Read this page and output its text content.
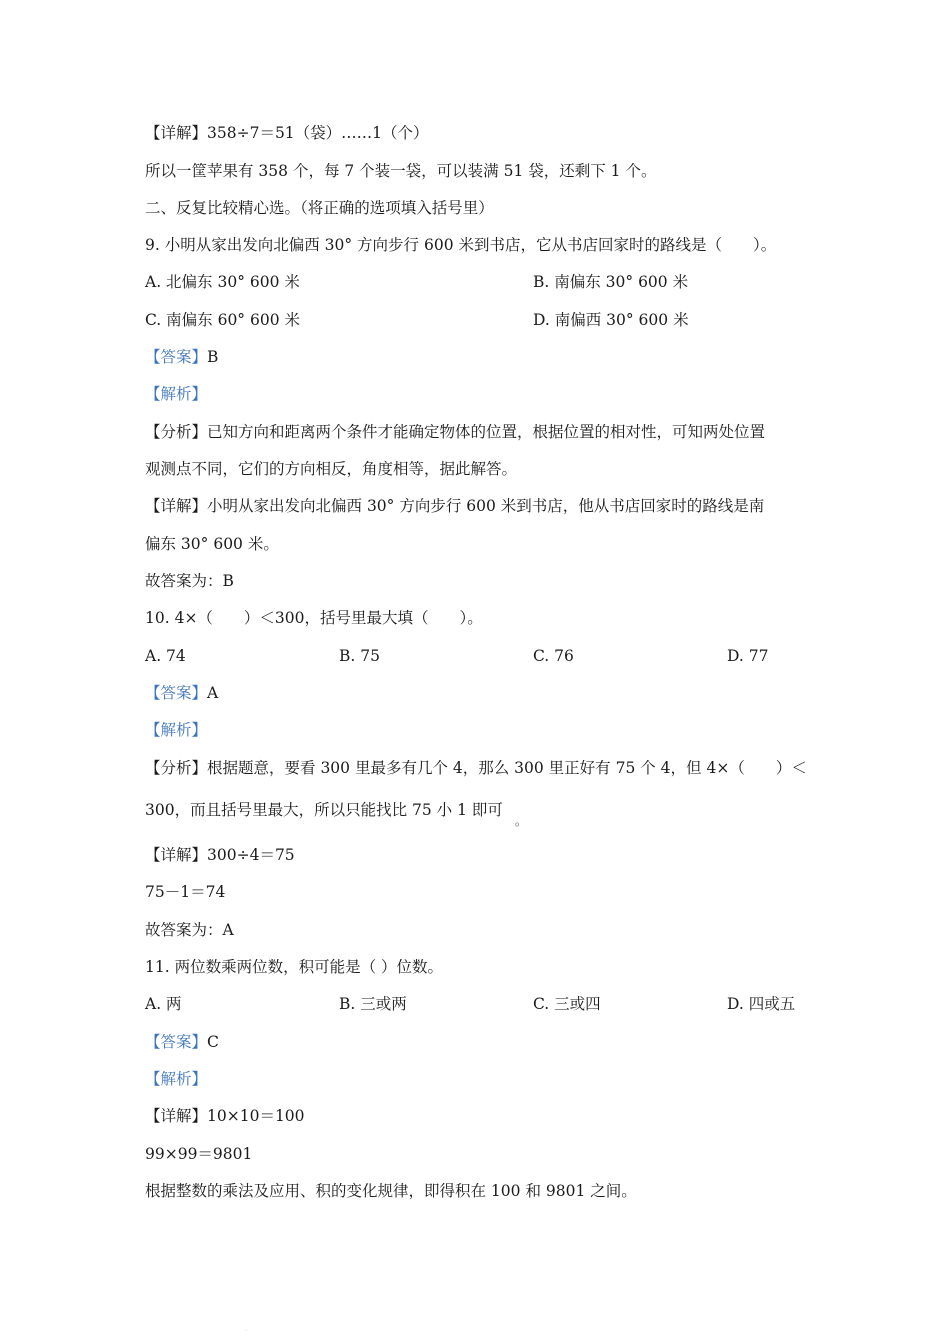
【详解】358÷7＝51（袋）……1（个）
所以一筐苹果有 358 个，每 7 个装一袋，可以装满 51 袋，还剩下 1 个。
二、反复比较精心选。（将正确的选项填入括号里）
9. 小明从家出发向北偏西 30° 方向步行 600 米到书店，它从书店回家时的路线是（　　）。
A. 北偏东 30° 600 米	B. 南偏东 30° 600 米
C. 南偏东 60° 600 米	D. 南偏西 30° 600 米
【答案】B
【解析】
【分析】已知方向和距离两个条件才能确定物体的位置，根据位置的相对性，可知两处位置
观测点不同，它们的方向相反，角度相等，据此解答。
【详解】小明从家出发向北偏西 30° 方向步行 600 米到书店，他从书店回家时的路线是南
偏东 30° 600 米。
故答案为：B
10. 4×（　　）＜300，括号里最大填（　　）。
A. 74	B. 75	C. 76	D. 77
【答案】A
【解析】
【分析】根据题意，要看 300 里最多有几个 4，那么 300 里正好有 75 个 4，但 4×（　　）＜
300，而且括号里最大，所以只能找比 75 小 1 即可
。
【详解】300÷4＝75
75－1＝74
故答案为：A
11. 两位数乘两位数，积可能是（ ）位数。
A. 两	B. 三或两	C. 三或四	D. 四或五
【答案】C
【解析】
【详解】10×10＝100
99×99＝9801
根据整数的乘法及应用、积的变化规律，即得积在 100 和 9801 之间。
·
